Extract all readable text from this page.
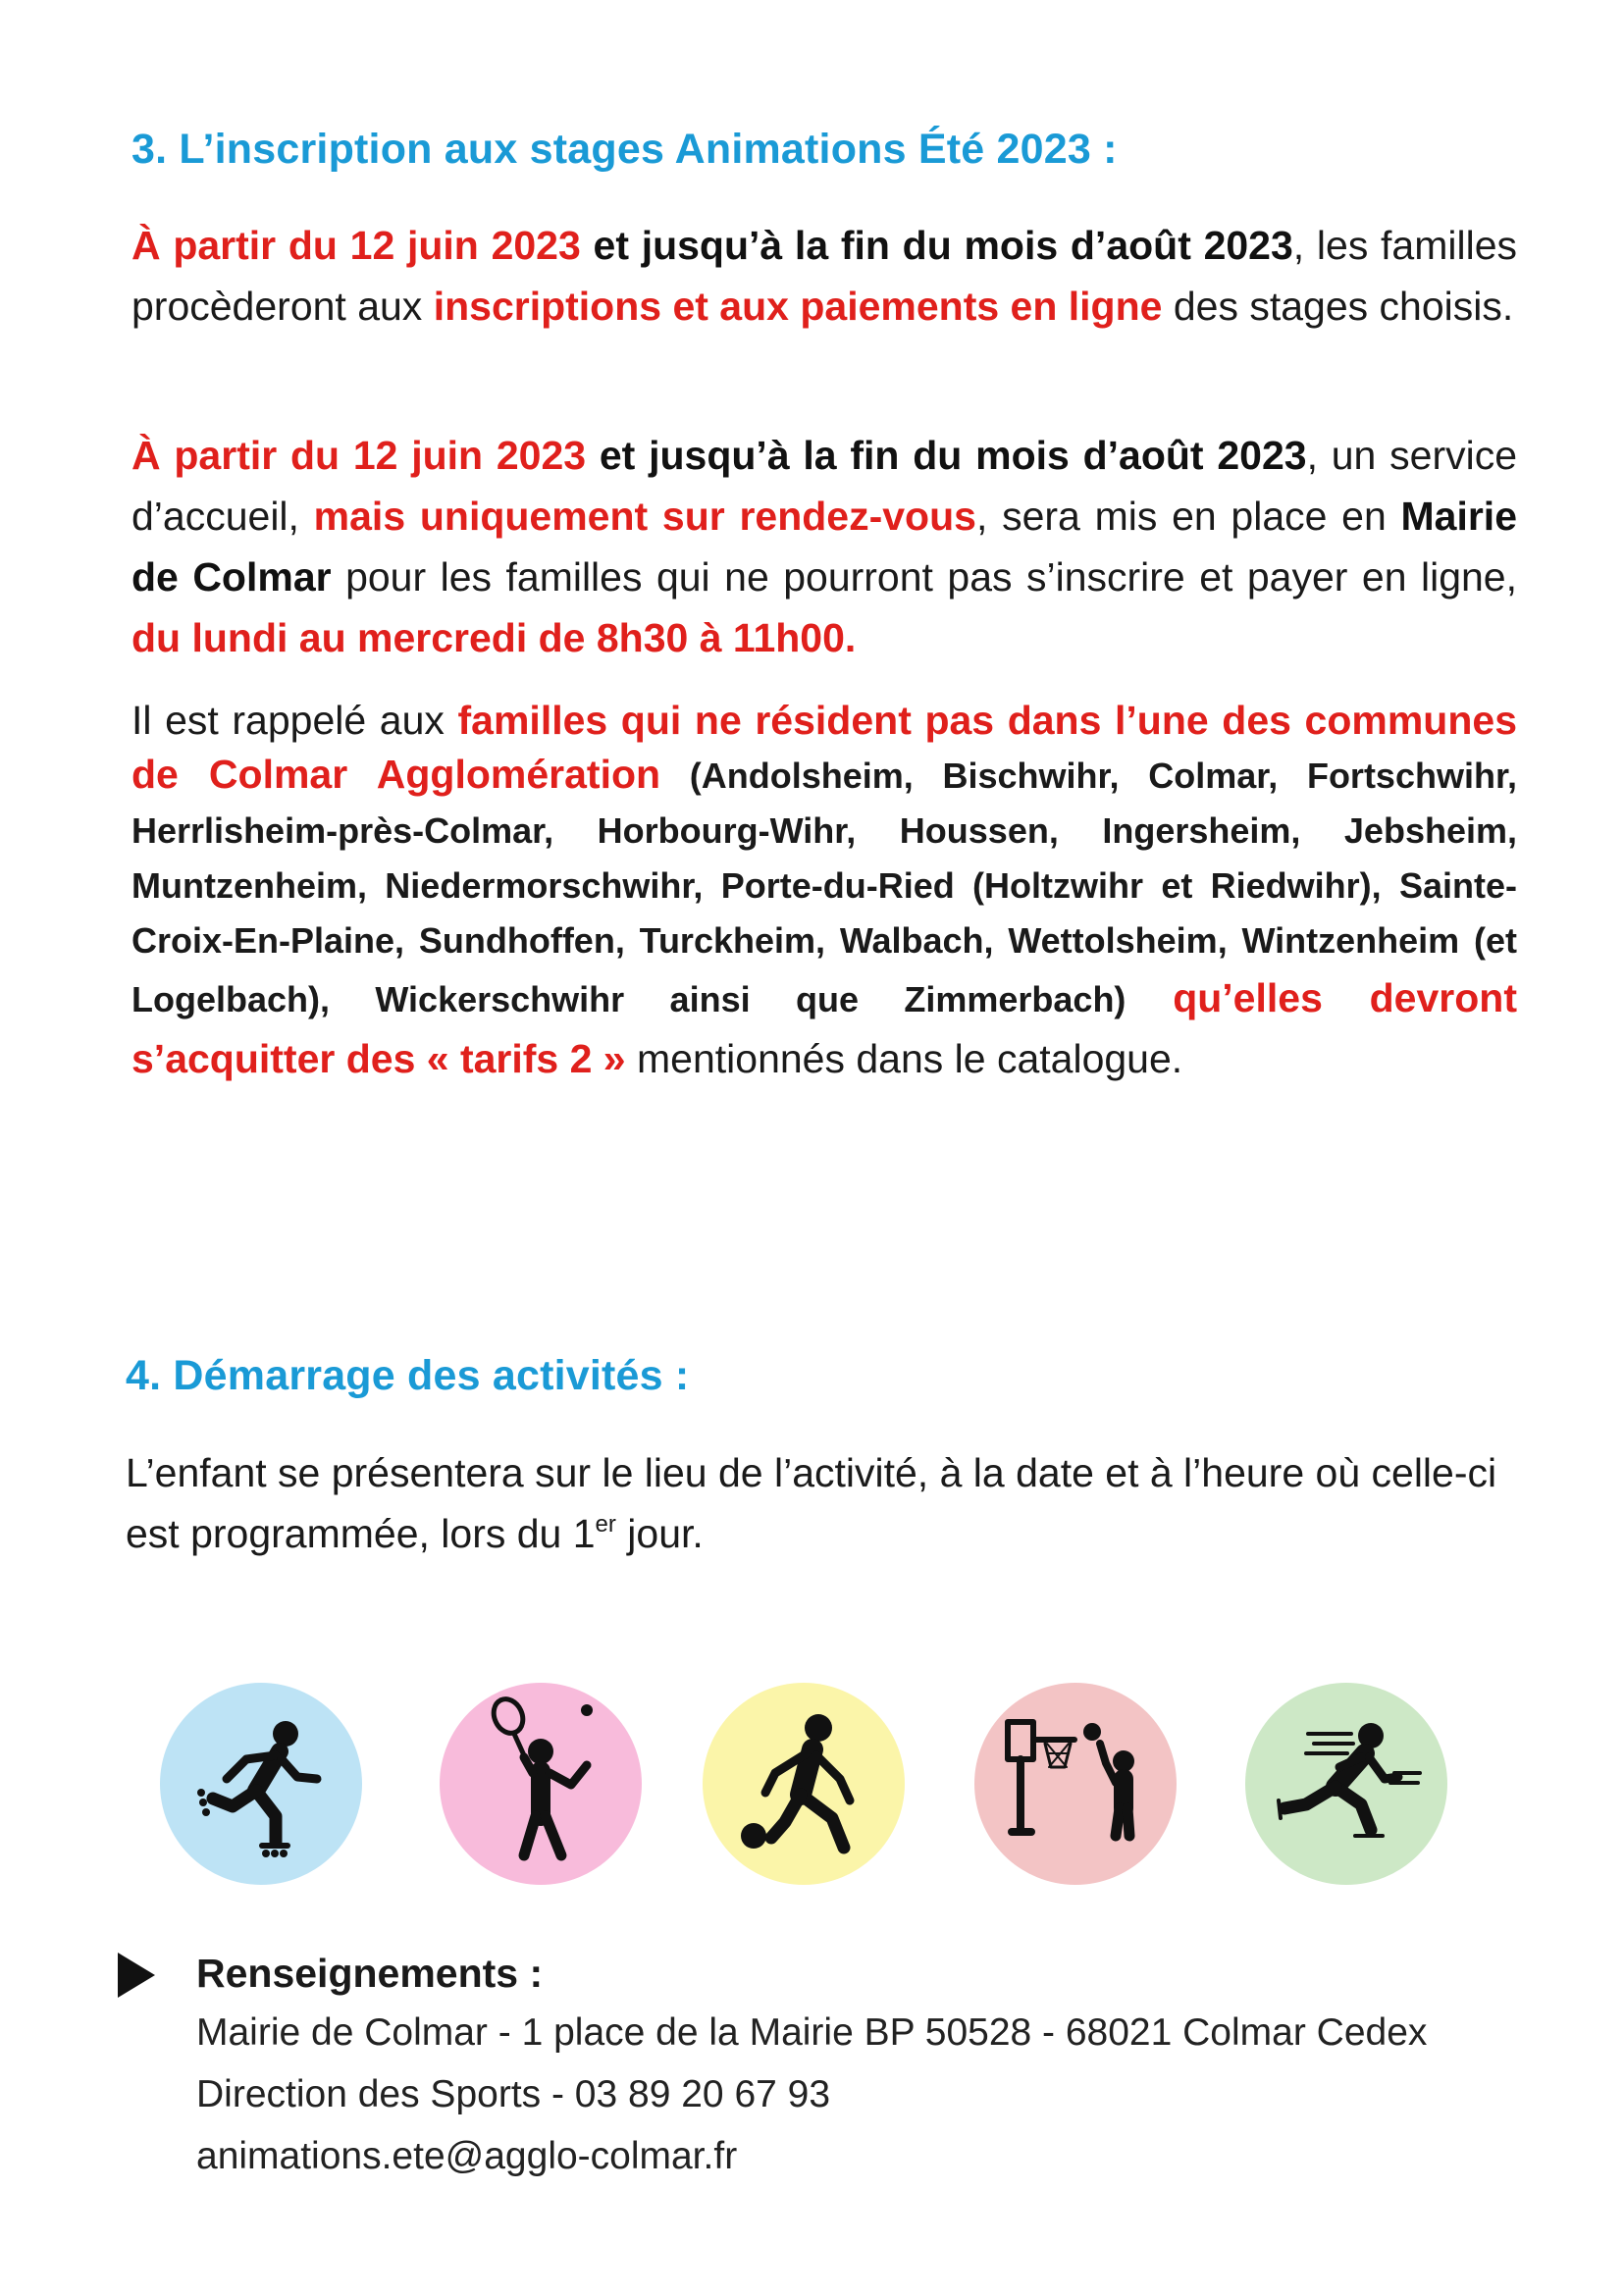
3. L’inscription aux stages Animations Été 2023 :

À partir du 12 juin 2023 et jusqu’à la fin du mois d’août 2023, les familles procèderont aux inscriptions et aux paiements en ligne des stages choisis.

À partir du 12 juin 2023 et jusqu’à la fin du mois d’août 2023, un service d’accueil, mais uniquement sur rendez-vous, sera mis en place en Mairie de Colmar pour les familles qui ne pourront pas s’inscrire et payer en ligne, du lundi au mercredi de 8h30 à 11h00.

Il est rappelé aux familles qui ne résident pas dans l’une des communes de Colmar Agglomération (Andolsheim, Bischwihr, Colmar, Fortschwihr, Herrlisheim-près-Colmar, Horbourg-Wihr, Houssen, Ingersheim, Jebsheim, Muntzenheim, Niedermorschwihr, Porte-du-Ried (Holtzwihr et Riedwihr), Sainte-Croix-En-Plaine, Sundhoffen, Turckheim, Walbach, Wettolsheim, Wintzenheim (et Logelbach), Wickerschwihr ainsi que Zimmerbach) qu’elles devront s’acquitter des « tarifs 2 » mentionnés dans le catalogue.

4. Démarrage des activités :

L’enfant se présentera sur le lieu de l’activité, à la date et à l’heure où celle-ci est programmée, lors du 1er jour.

Renseignements :

Mairie de Colmar - 1 place de la Mairie BP 50528 - 68021 Colmar Cedex

Direction des Sports - 03 89 20 67 93

animations.ete@agglo-colmar.fr
